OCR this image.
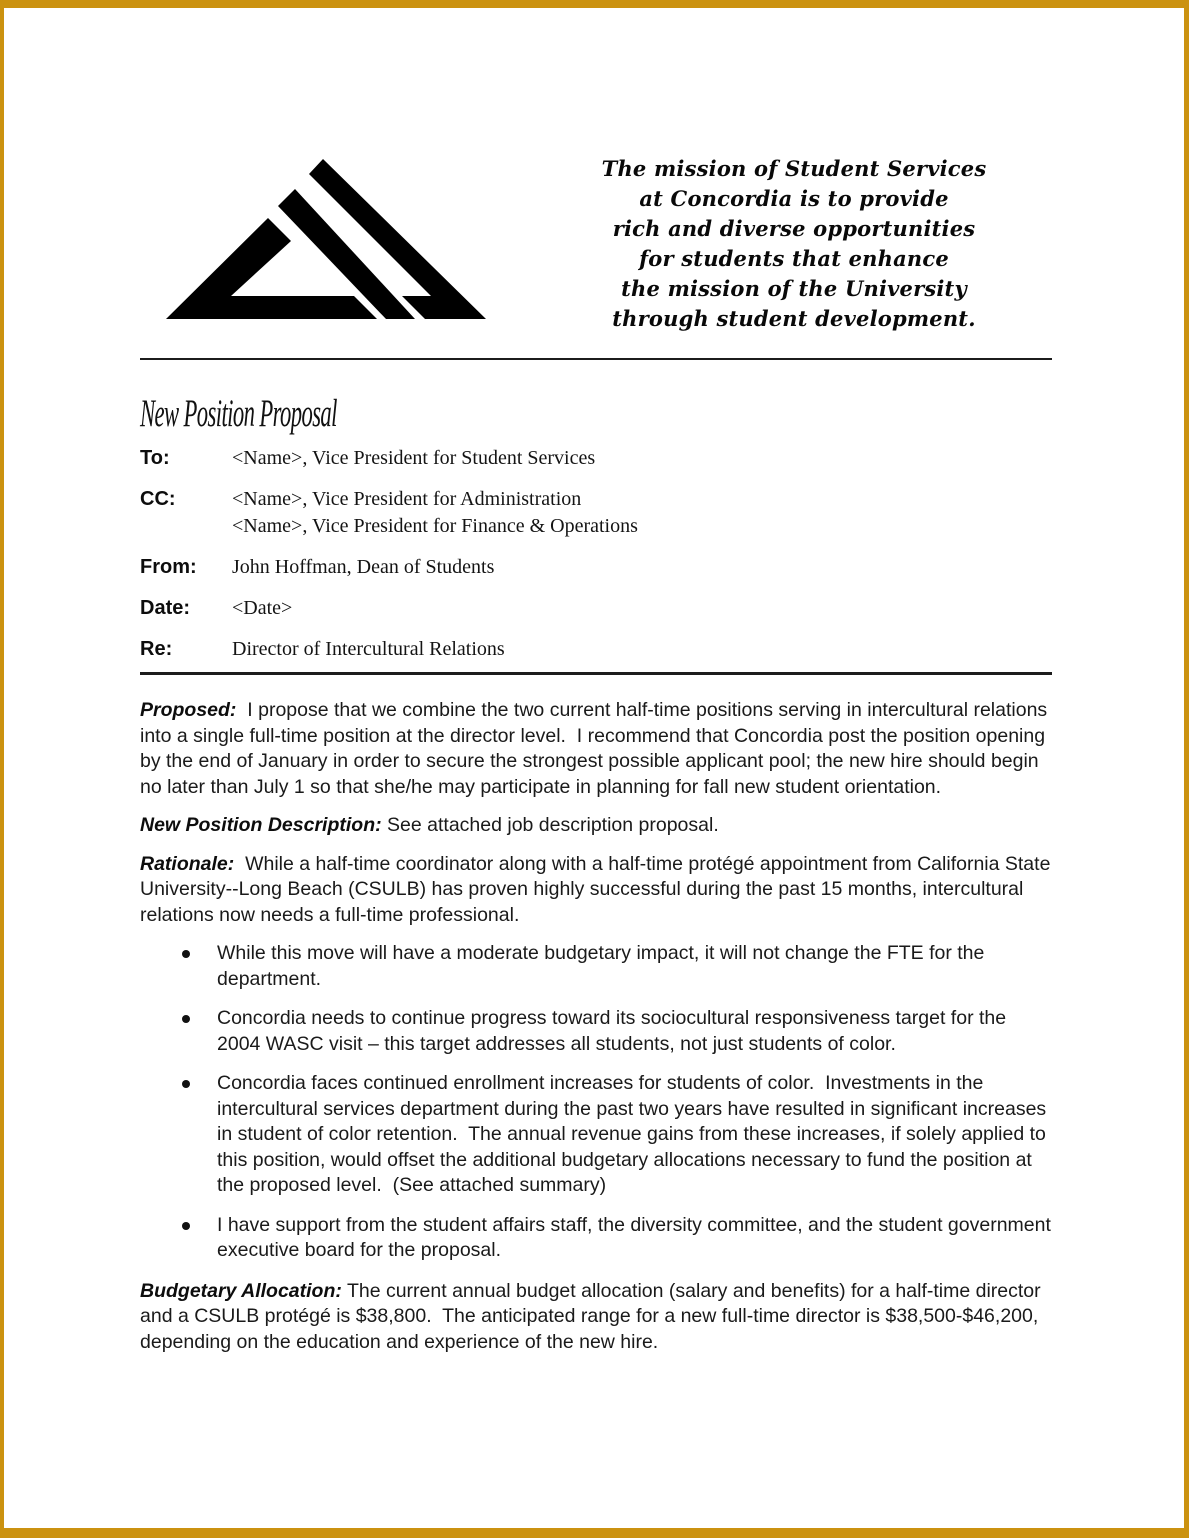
The mission of Student Services
at Concordia is to provide
rich and diverse opportunities
for students that enhance
the mission of the University
through student development.
New Position Proposal
To:	<Name>, Vice President for Student Services
CC:	<Name>, Vice President for Administration
<Name>, Vice President for Finance & Operations
From:	John Hoffman, Dean of Students
Date:	<Date>
Re:	Director of Intercultural Relations

Proposed:  I propose that we combine the two current half-time positions serving in intercultural relations into a single full-time position at the director level.  I recommend that Concordia post the position opening by the end of January in order to secure the strongest possible applicant pool; the new hire should begin no later than July 1 so that she/he may participate in planning for fall new student orientation.

New Position Description: See attached job description proposal.

Rationale:  While a half-time coordinator along with a half-time protégé appointment from California State University--Long Beach (CSULB) has proven highly successful during the past 15 months, intercultural relations now needs a full-time professional.

While this move will have a moderate budgetary impact, it will not change the FTE for the department.
Concordia needs to continue progress toward its sociocultural responsiveness target for the 2004 WASC visit – this target addresses all students, not just students of color.
Concordia faces continued enrollment increases for students of color.  Investments in the intercultural services department during the past two years have resulted in significant increases in student of color retention.  The annual revenue gains from these increases, if solely applied to this position, would offset the additional budgetary allocations necessary to fund the position at the proposed level.  (See attached summary)
I have support from the student affairs staff, the diversity committee, and the student government executive board for the proposal.

Budgetary Allocation: The current annual budget allocation (salary and benefits) for a half-time director and a CSULB protégé is $38,800.  The anticipated range for a new full-time director is $38,500-$46,200, depending on the education and experience of the new hire.
